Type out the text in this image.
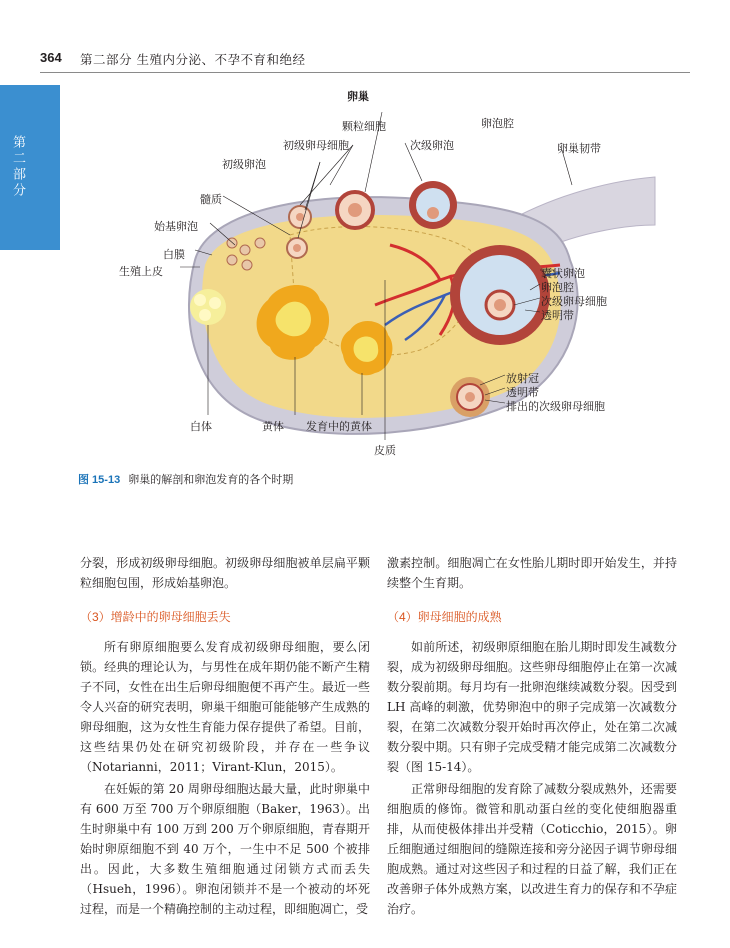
364 第二部分 生殖内分泌、不孕不育和绝经
第二部分
卵巢
颗粒细胞	卵泡腔
初级卵母细胞	次级卵泡	卵巢韧带
初级卵泡
髓质
始基卵泡
白膜
生殖上皮	囊状卵泡
卵泡腔
次级卵母细胞
透明带
放射冠
透明带
排出的次级卵母细胞
白体	黄体 发育中的黄体
皮质
图 15-13 卵巢的解剖和卵泡发育的各个时期

分裂，形成初级卵母细胞。初级卵母细胞被单层扁平颗粒细胞包围，形成始基卵泡。

（3）增龄中的卵母细胞丢失

所有卵原细胞要么发育成初级卵母细胞，要么闭锁。经典的理论认为，与男性在成年期仍能不断产生精子不同，女性在出生后卵母细胞便不再产生。最近一些令人兴奋的研究表明，卵巢干细胞可能能够产生成熟的卵母细胞，这为女性生育能力保存提供了希望。目前，这些结果仍处在研究初级阶段，并存在一些争议（Notarianni，2011；Virant-Klun，2015）。

在妊娠的第 20 周卵母细胞达最大量，此时卵巢中有 600 万至 700 万个卵原细胞（Baker，1963）。出生时卵巢中有 100 万到 200 万个卵原细胞，青春期开始时卵原细胞不到 40 万个，一生中不足 500 个被排出。因此，大多数生殖细胞通过闭锁方式而丢失（Hsueh，1996）。卵泡闭锁并不是一个被动的坏死过程，而是一个精确控制的主动过程，即细胞凋亡，受

激素控制。细胞凋亡在女性胎儿期时即开始发生，并持续整个生育期。

（4）卵母细胞的成熟

如前所述，初级卵原细胞在胎儿期时即发生减数分裂，成为初级卵母细胞。这些卵母细胞停止在第一次减数分裂前期。每月均有一批卵泡继续减数分裂。因受到 LH 高峰的刺激，优势卵泡中的卵子完成第一次减数分裂，在第二次减数分裂开始时再次停止，处在第二次减数分裂中期。只有卵子完成受精才能完成第二次减数分裂（图 15-14）。

正常卵母细胞的发育除了减数分裂成熟外，还需要细胞质的修饰。微管和肌动蛋白丝的变化使细胞器重排，从而使极体排出并受精（Coticchio，2015）。卵丘细胞通过细胞间的缝隙连接和旁分泌因子调节卵母细胞成熟。通过对这些因子和过程的日益了解，我们正在改善卵子体外成熟方案，以改进生育力的保存和不孕症治疗。
